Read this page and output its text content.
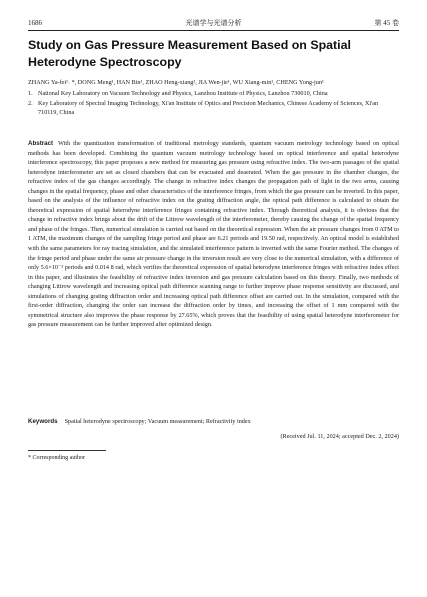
1686	光谱学与光谱分析	第 45 卷
Study on Gas Pressure Measurement Based on Spatial Heterodyne Spectroscopy
ZHANG Ya-fei¹˒ *, DONG Meng¹, HAN Bin¹, ZHAO Heng-xiang², JIA Wen-jie¹, WU Xiang-min¹, CHENG Yong-jun¹
1. National Key Laboratory on Vacuum Technology and Physics, Lanzhou Institute of Physics, Lanzhou 730010, China
2. Key Laboratory of Spectral Imaging Technology, Xi'an Institute of Optics and Precision Mechanics, Chinese Academy of Sciences, Xi'an 710119, China
Abstract With the quantization transformation of traditional metrology standards, quantum vacuum metrology technology based on optical methods has been developed. Combining the quantum vacuum metrology technology based on optical interference and spatial heterodyne interference spectroscopy, this paper proposes a new method for measuring gas pressure using refractive index. The two-arm passages of the spatial heterodyne interferometer are set as closed chambers that can be evacuated and deaerated. When the gas pressure in the chamber changes, the refractive index of the gas changes accordingly. The change in refractive index changes the propagation path of light in the two arms, causing changes in the spatial frequency, phase and other characteristics of the interference fringes, from which the gas pressure can be inverted. In this paper, based on the analysis of the influence of refractive index on the grating diffraction angle, the optical path difference is calculated to obtain the theoretical expression of spatial heterodyne interference fringes containing refractive index. Through theoretical analysis, it is obvious that the change in refractive index brings about the drift of the Littrow wavelength of the interferometer, thereby causing the change of the spatial frequency and phase of the fringes. Then, numerical simulation is carried out based on the theoretical expression. When the air pressure changes from 0 ATM to 1 ATM, the maximum changes of the sampling fringe period and phase are 6.21 periods and 19.50 rad, respectively. An optical model is established with the same parameters for ray tracing simulation, and the simulated interference pattern is inverted with the same Fourier method. The changes of the fringe period and phase under the same air pressure change in the inversion result are very close to the numerical simulation, with a difference of only 5.6×10⁻³ periods and 0.014 8 rad, which verifies the theoretical expression of spatial heterodyne interference fringes with refractive index effect in this paper, and illustrates the feasibility of refractive index inversion and gas pressure calculation based on this theory. Finally, two methods of changing Littrow wavelength and increasing optical path difference scanning range to further improve phase response sensitivity are discussed, and simulations of changing grating diffraction order and increasing optical path difference offset are carried out. In the simulation, compared with the first-order diffraction, changing the order can increase the diffraction order by times, and increasing the offset of 1 mm compared with the symmetrical structure also improves the phase response by 27.65%, which proves that the feasibility of using spatial heterodyne interferometer for gas pressure measurement can be further improved after optimized design.
Keywords Spatial heterodyne spectroscopy; Vacuum measurement; Refractivity index
(Received Jul. 11, 2024; accepted Dec. 2, 2024)
* Corresponding author
